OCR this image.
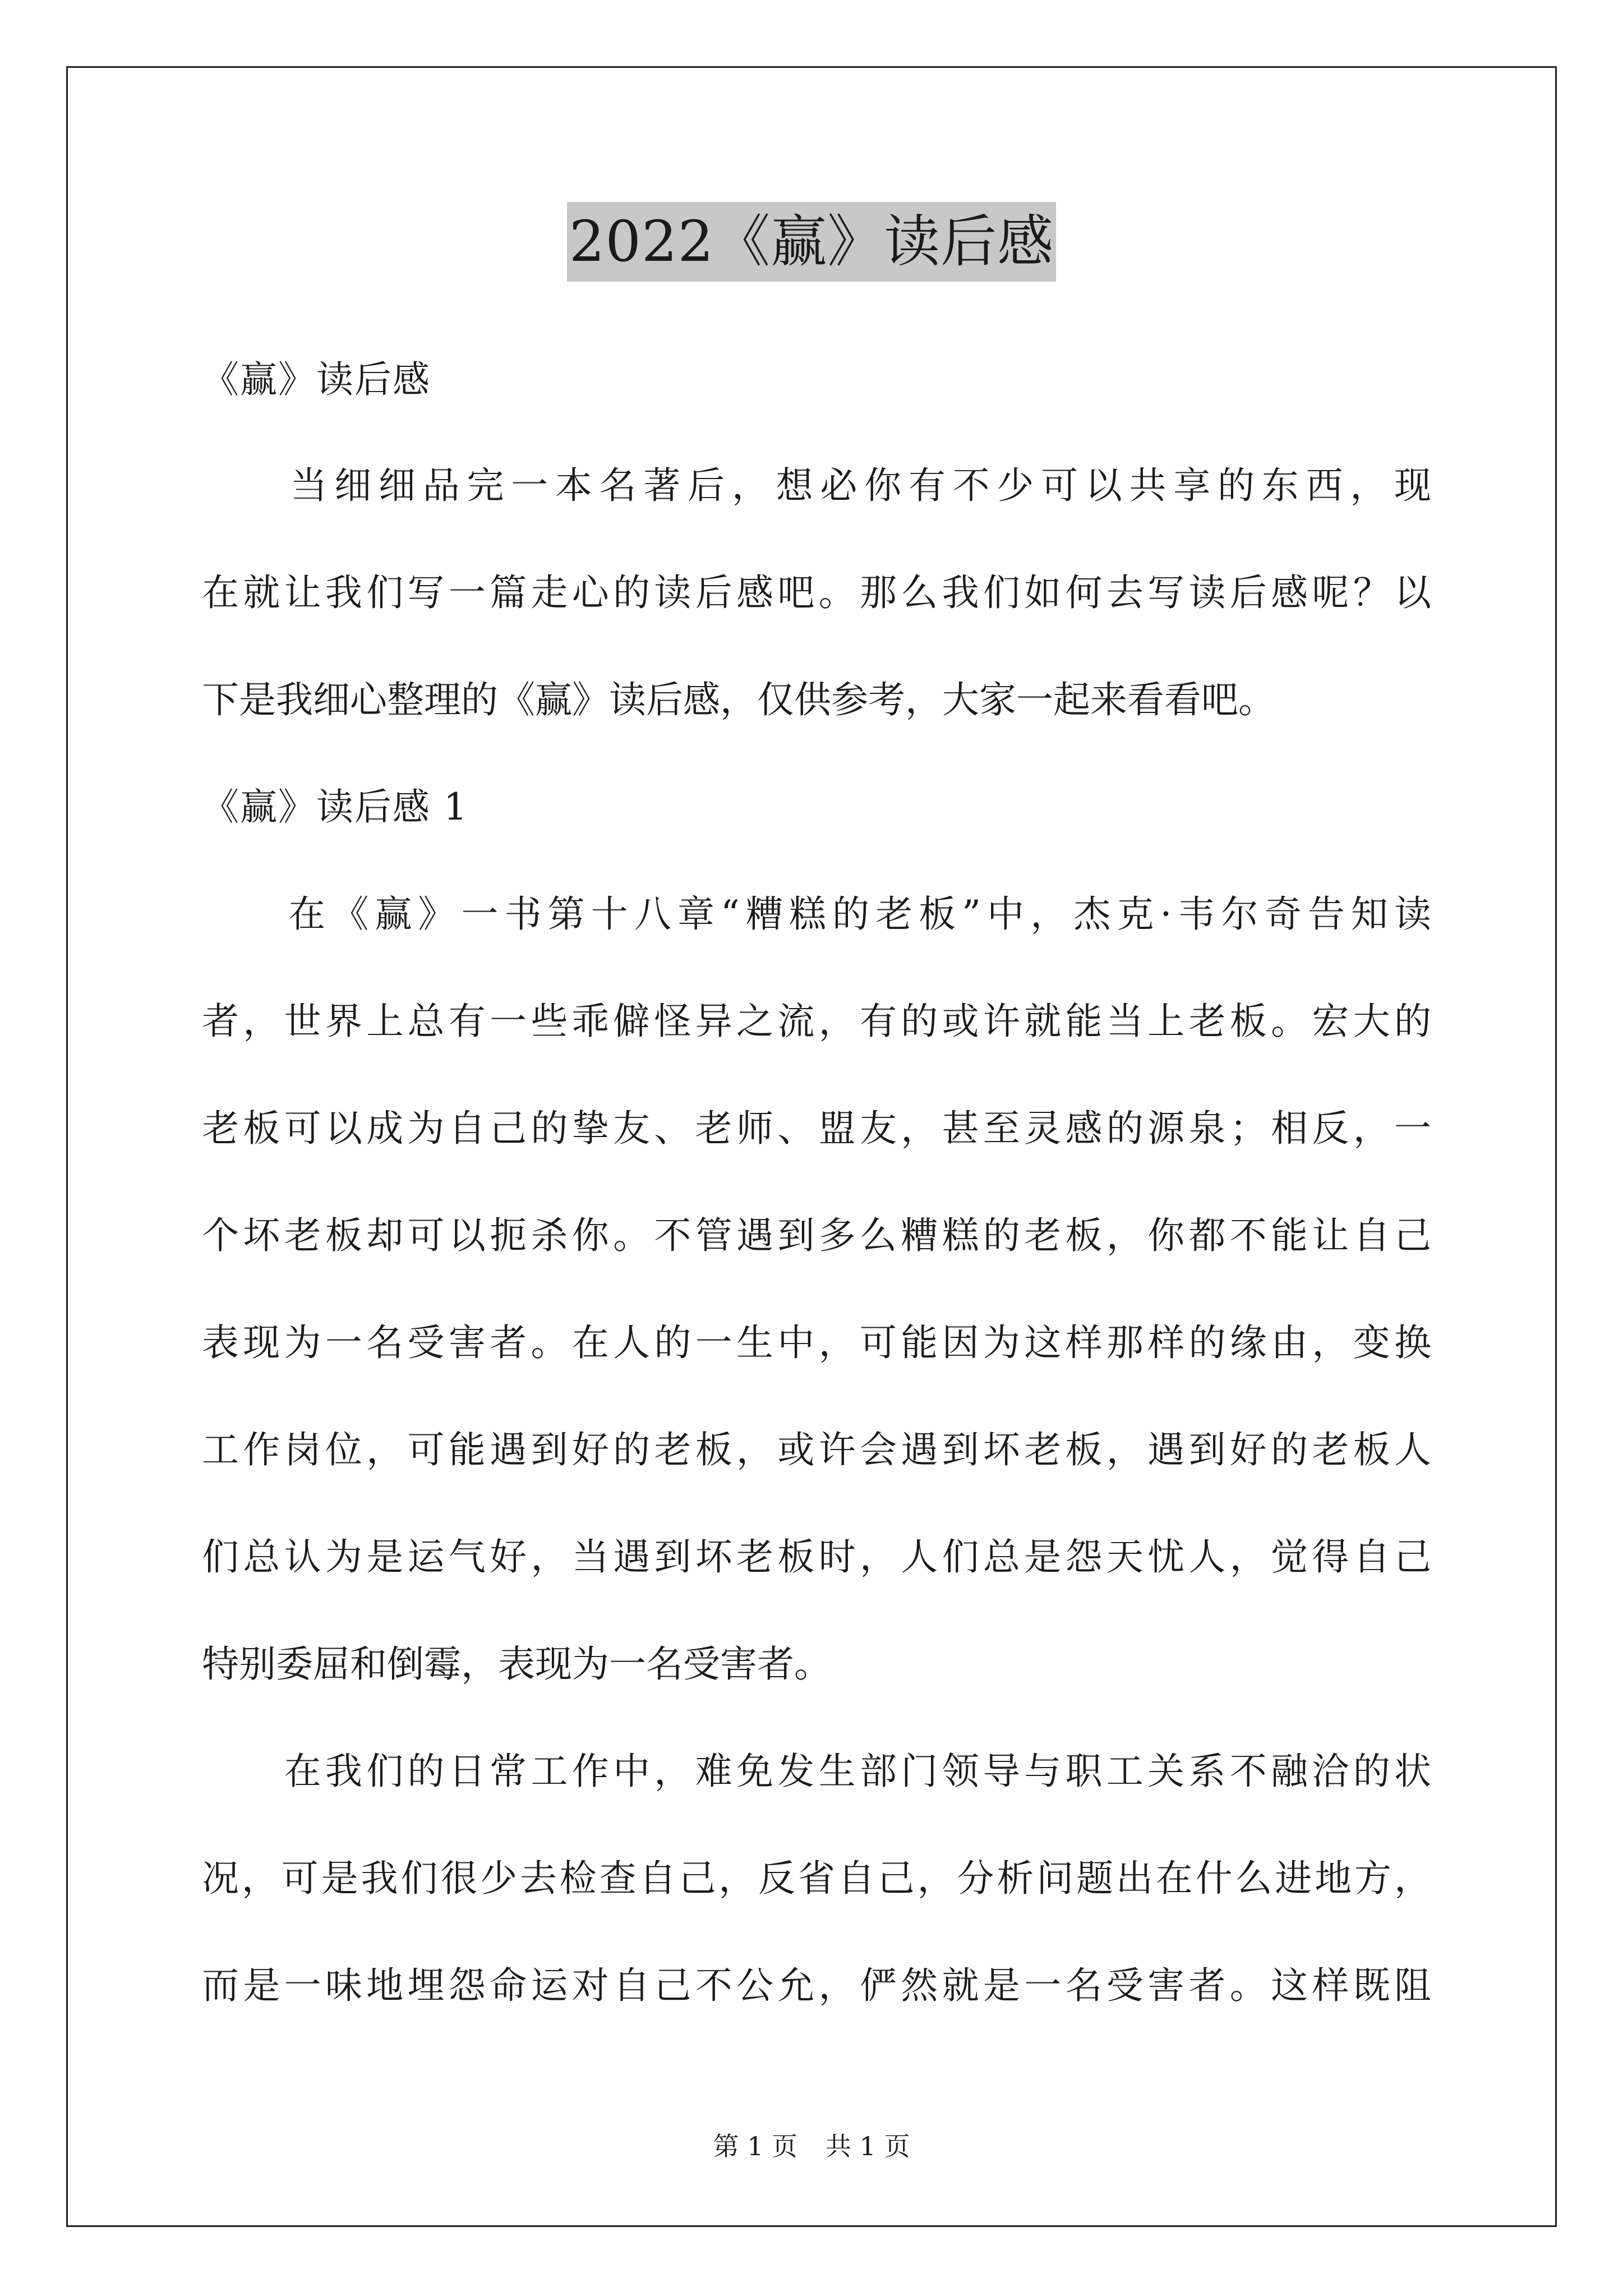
2022《赢》读后感
《赢》读后感
　　当细细品完一本名著后，想必你有不少可以共享的东西，现
在就让我们写一篇走心的读后感吧。那么我们如何去写读后感呢？以
下是我细心整理的《赢》读后感，仅供参考，大家一起来看看吧。
《赢》读后感 1
　　在《赢》一书第十八章“糟糕的老板”中，杰克·韦尔奇告知读
者，世界上总有一些乖僻怪异之流，有的或许就能当上老板。宏大的
老板可以成为自己的挚友、老师、盟友，甚至灵感的源泉；相反，一
个坏老板却可以扼杀你。不管遇到多么糟糕的老板，你都不能让自己
表现为一名受害者。在人的一生中，可能因为这样那样的缘由，变换
工作岗位，可能遇到好的老板，或许会遇到坏老板，遇到好的老板人
们总认为是运气好，当遇到坏老板时，人们总是怨天忧人，觉得自己
特别委屈和倒霉，表现为一名受害者。
　　在我们的日常工作中，难免发生部门领导与职工关系不融洽的状
况，可是我们很少去检查自己，反省自己，分析问题出在什么进地方，
而是一味地埋怨命运对自己不公允，俨然就是一名受害者。这样既阻
第 1 页 共 1 页
